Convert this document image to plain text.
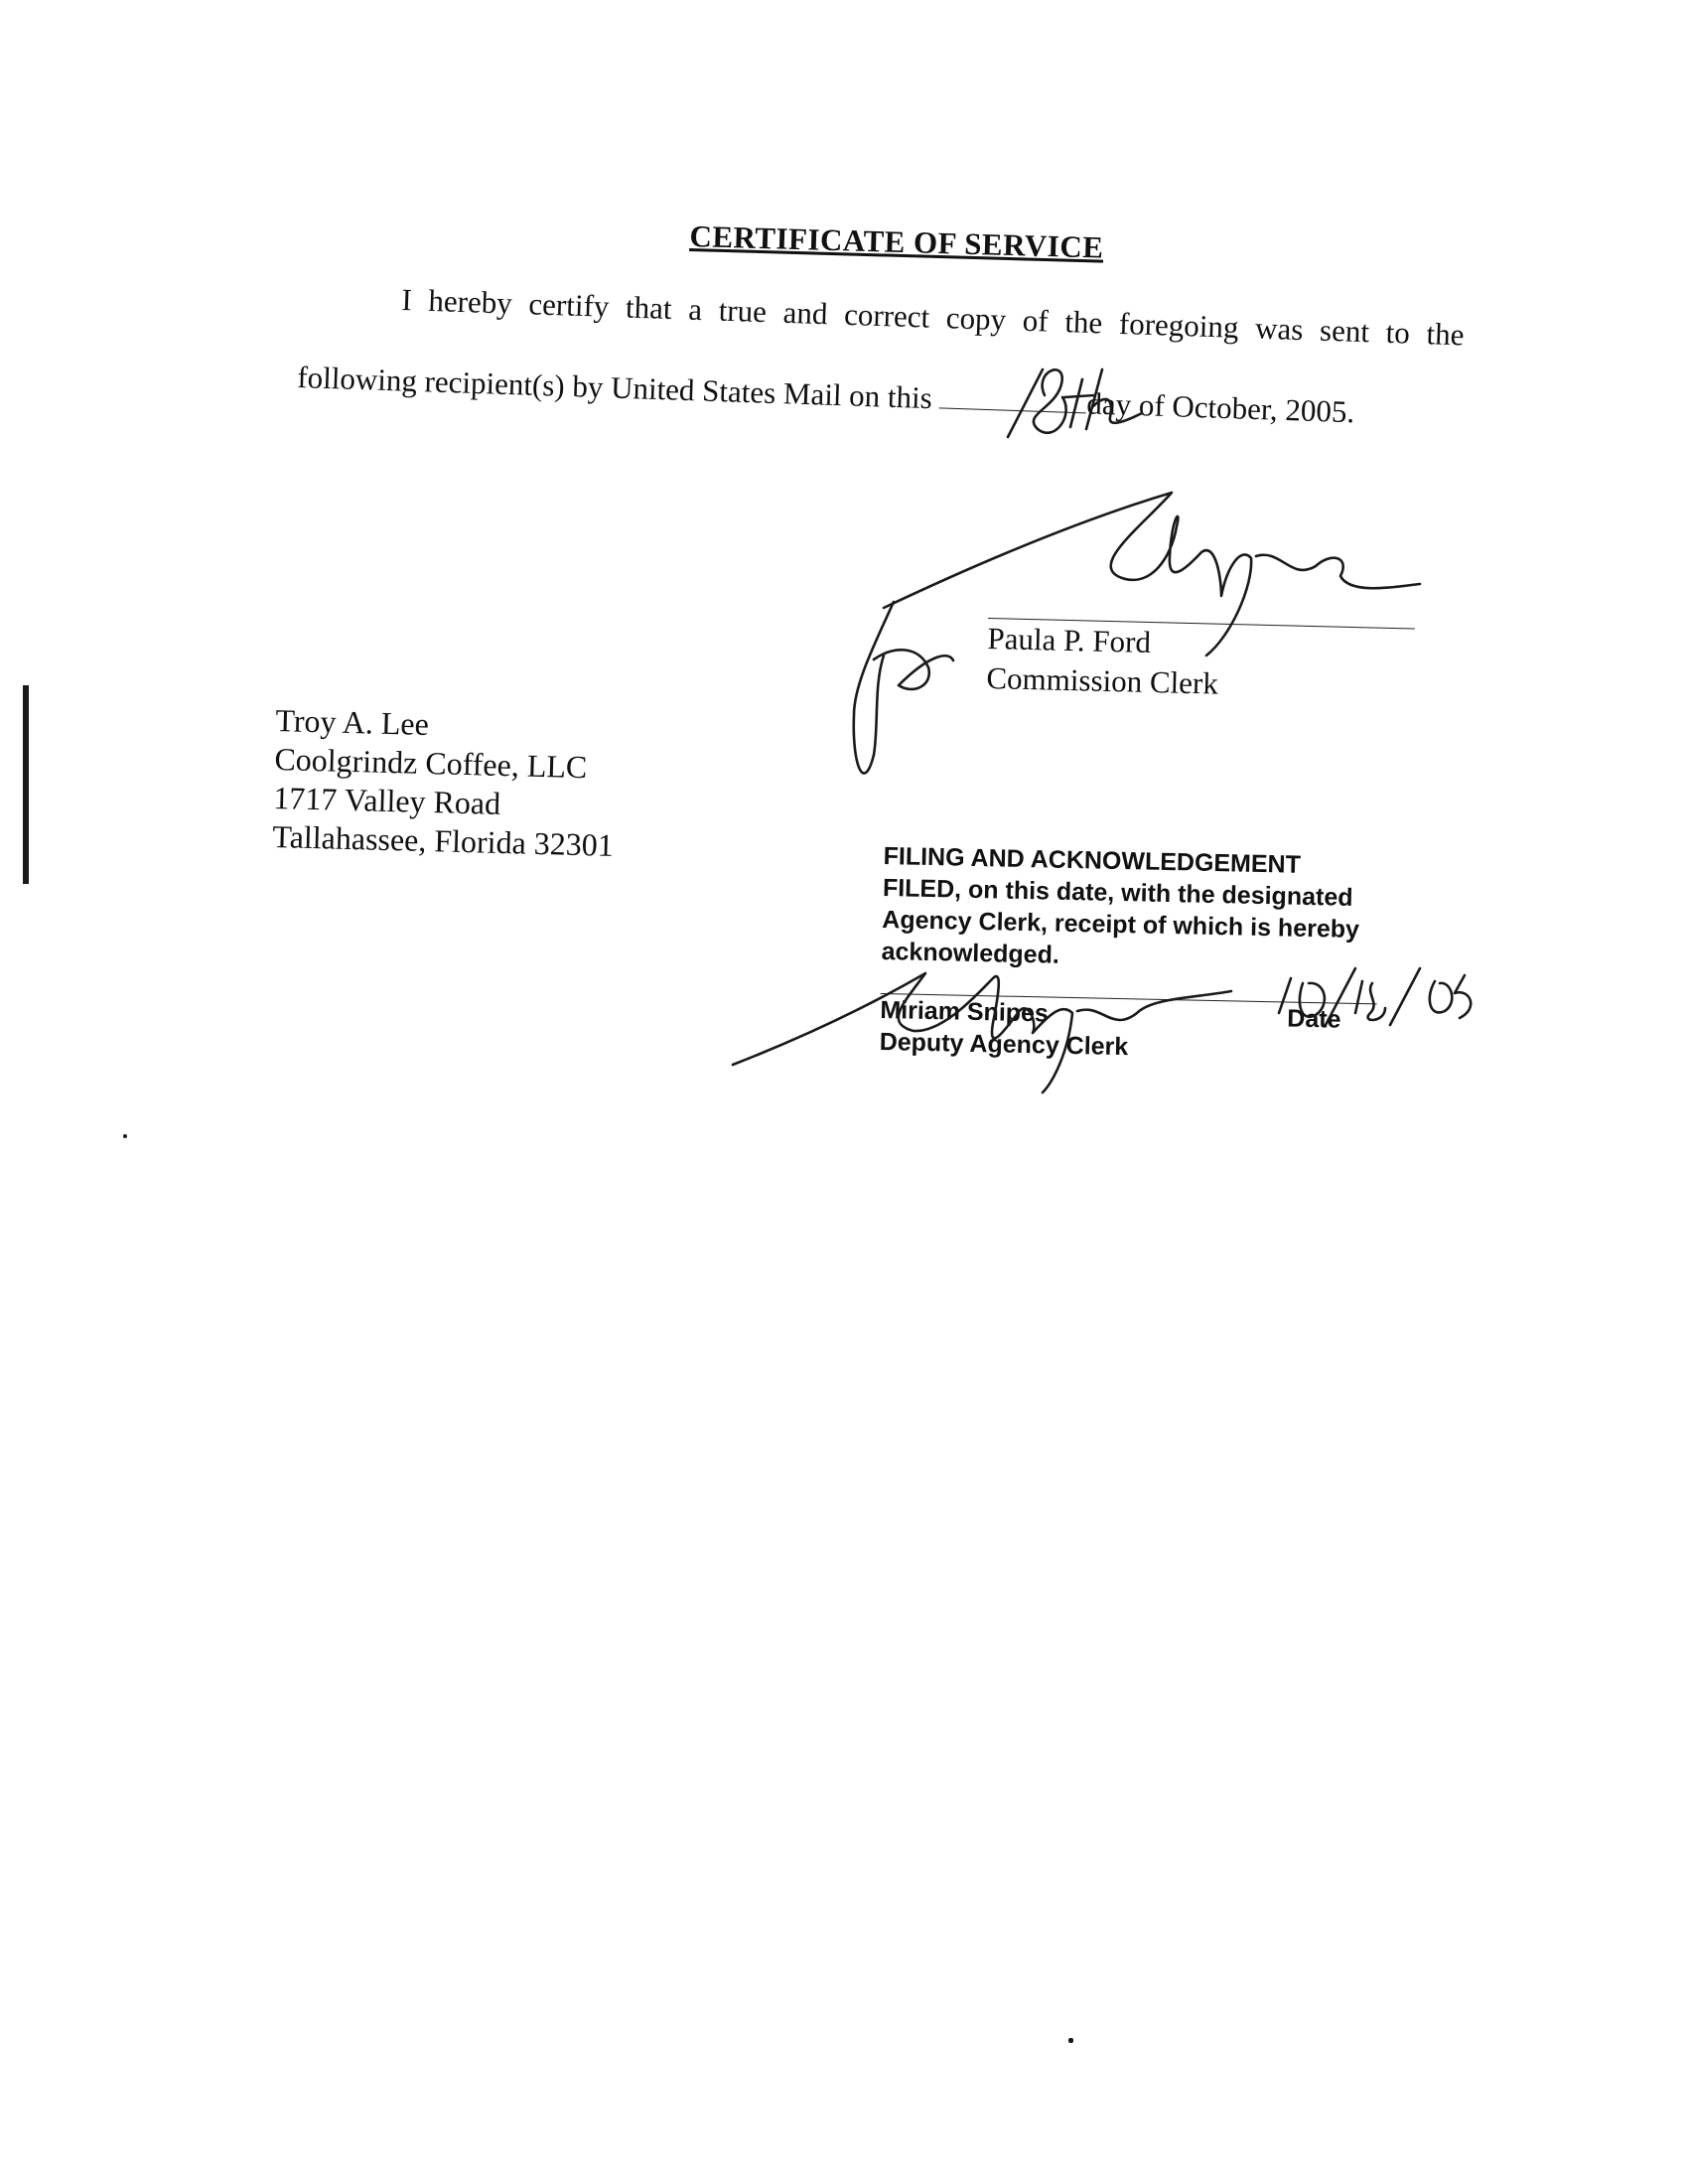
CERTIFICATE OF SERVICE
I hereby certify that a true and correct copy of the foregoing was sent to the
following recipient(s) by United States Mail on this	day of October, 2005.
Paula P. Ford
Commission Clerk
Troy A. Lee
Coolgrindz Coffee, LLC
1717 Valley Road
Tallahassee, Florida 32301	FILING AND ACKNOWLEDGEMENT
FILED, on this date, with the designated
Agency Clerk, receipt of which is hereby
acknowledged.
Miriam Snipes	Date
Deputy Agency Clerk
